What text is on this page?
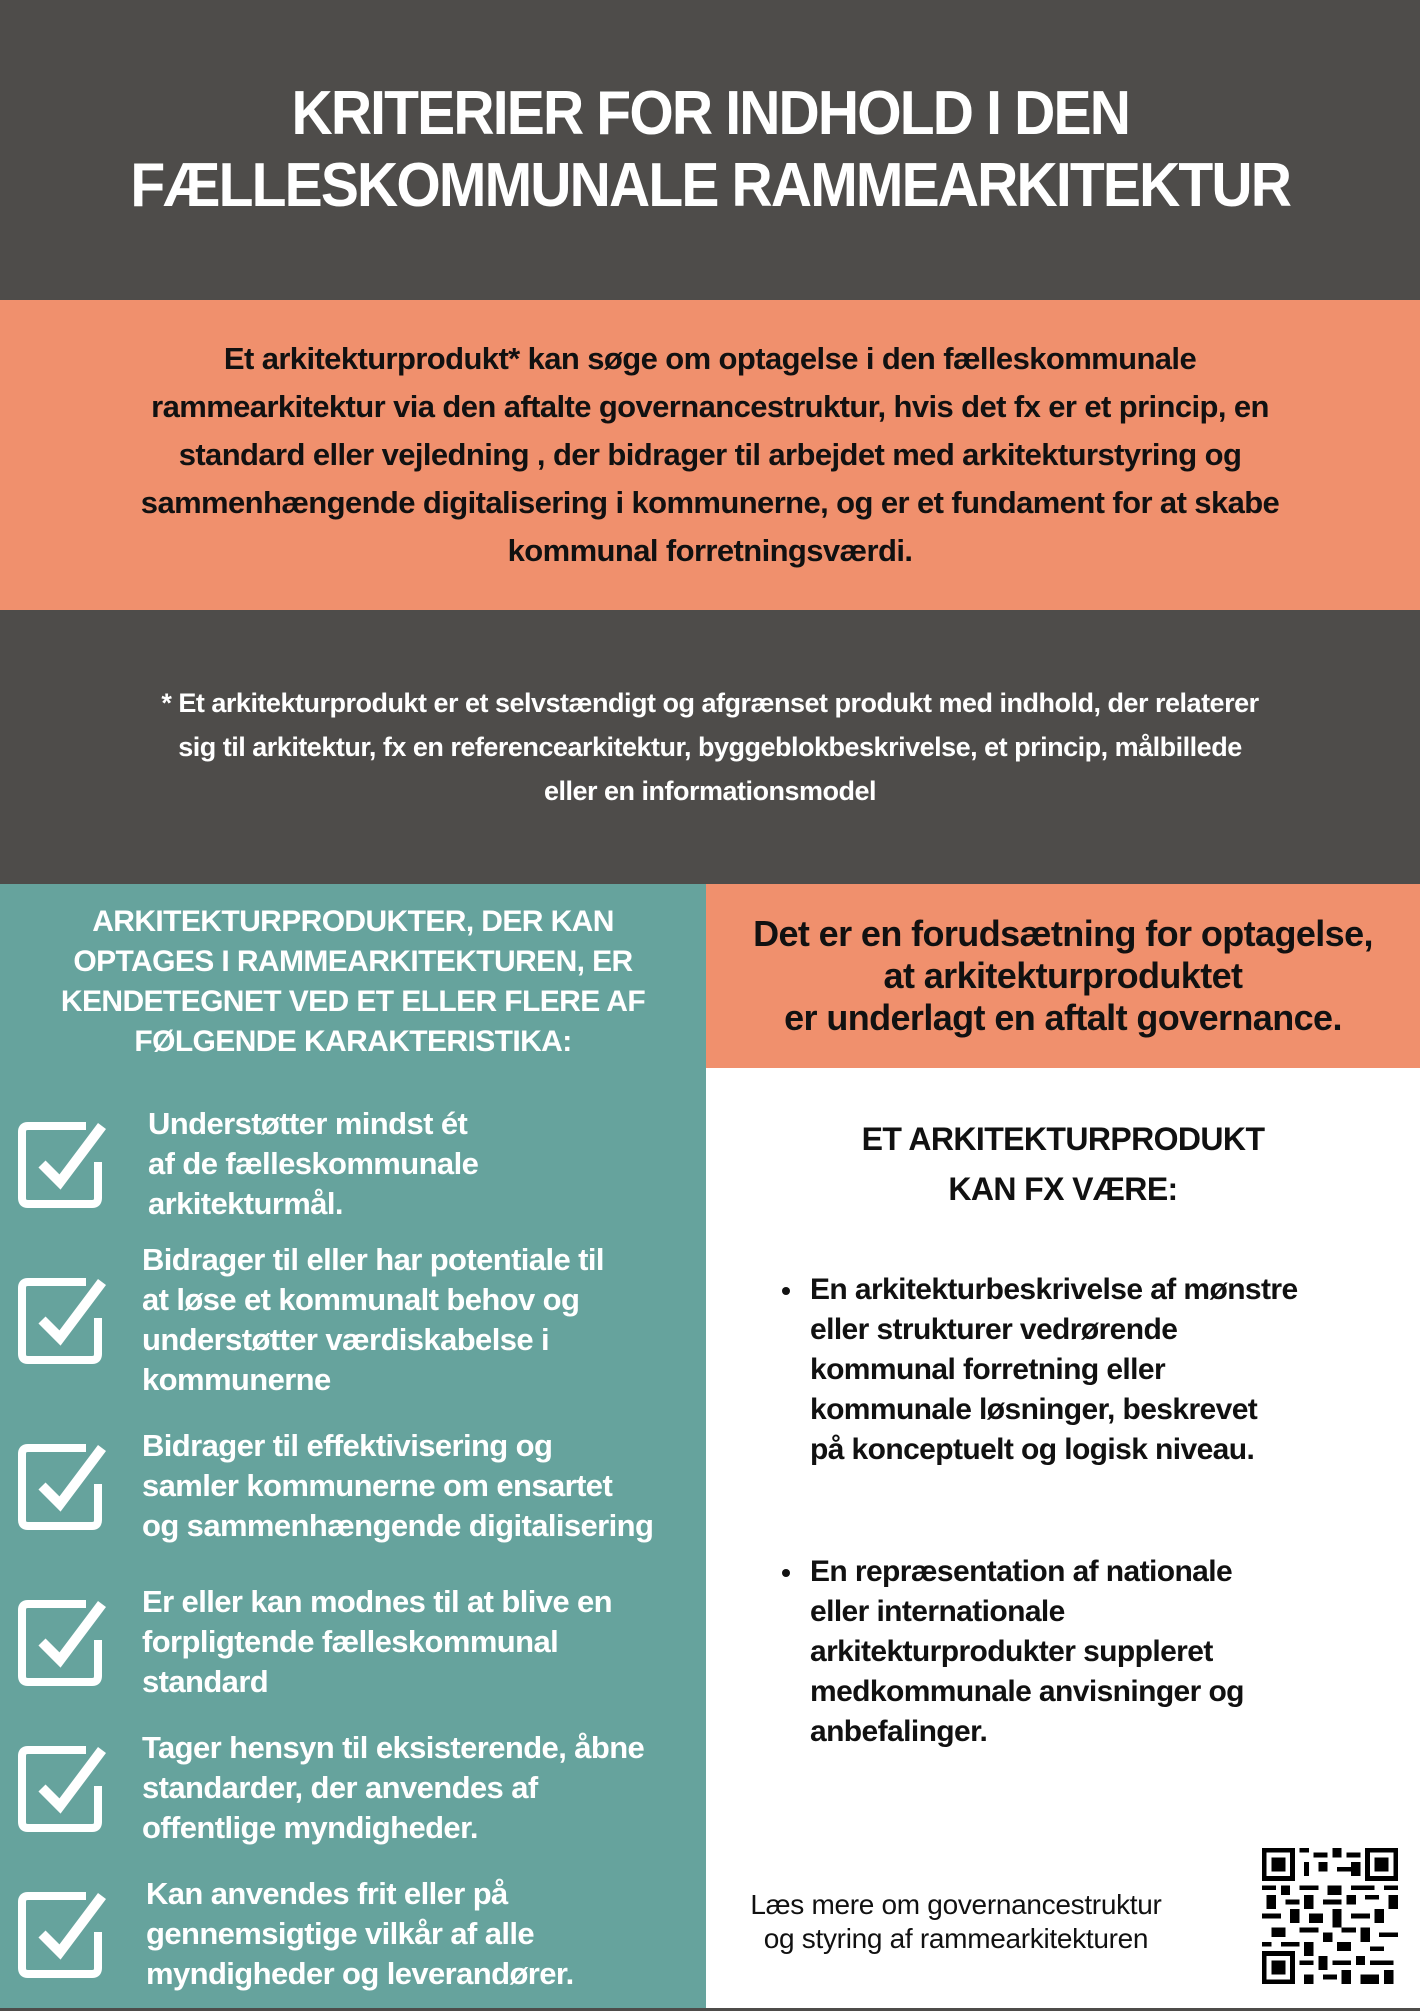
KRITERIER FOR INDHOLD I DEN
FÆLLESKOMMUNALE RAMMEARKITEKTUR

Et arkitekturprodukt* kan søge om optagelse i den fælleskommunale
rammearkitektur via den aftalte governancestruktur, hvis det fx er et princip, en
standard eller vejledning , der bidrager til arbejdet med arkitekturstyring og
sammenhængende digitalisering i kommunerne, og er et fundament for at skabe
kommunal forretningsværdi.

* Et arkitekturprodukt er et selvstændigt og afgrænset produkt med indhold, der relaterer
sig til arkitektur, fx en referencearkitektur, byggeblokbeskrivelse, et princip, målbillede
eller en informationsmodel

ARKITEKTURPRODUKTER, DER KAN
OPTAGES I RAMMEARKITEKTUREN, ER
KENDETEGNET VED ET ELLER FLERE AF
FØLGENDE KARAKTERISTIKA:
Understøtter mindst ét
af de fælleskommunale
arkitekturmål.
Bidrager til eller har potentiale til
at løse et kommunalt behov og
understøtter værdiskabelse i
kommunerne
Bidrager til effektivisering og
samler kommunerne om ensartet
og sammenhængende digitalisering
Er eller kan modnes til at blive en
forpligtende fælleskommunal
standard
Tager hensyn til eksisterende, åbne
standarder, der anvendes af
offentlige myndigheder.
Kan anvendes frit eller på
gennemsigtige vilkår af alle
myndigheder og leverandører.

Det er en forudsætning for optagelse,
at arkitekturproduktet
er underlagt en aftalt governance.

ET ARKITEKTURPRODUKT
KAN FX VÆRE:
En arkitekturbeskrivelse af mønstre
eller strukturer vedrørende
kommunal forretning eller
kommunale løsninger, beskrevet
på konceptuelt og logisk niveau.
En repræsentation af nationale
eller internationale
arkitekturprodukter suppleret
medkommunale anvisninger og
anbefalinger.
Læs mere om governancestruktur
og styring af rammearkitekturen
